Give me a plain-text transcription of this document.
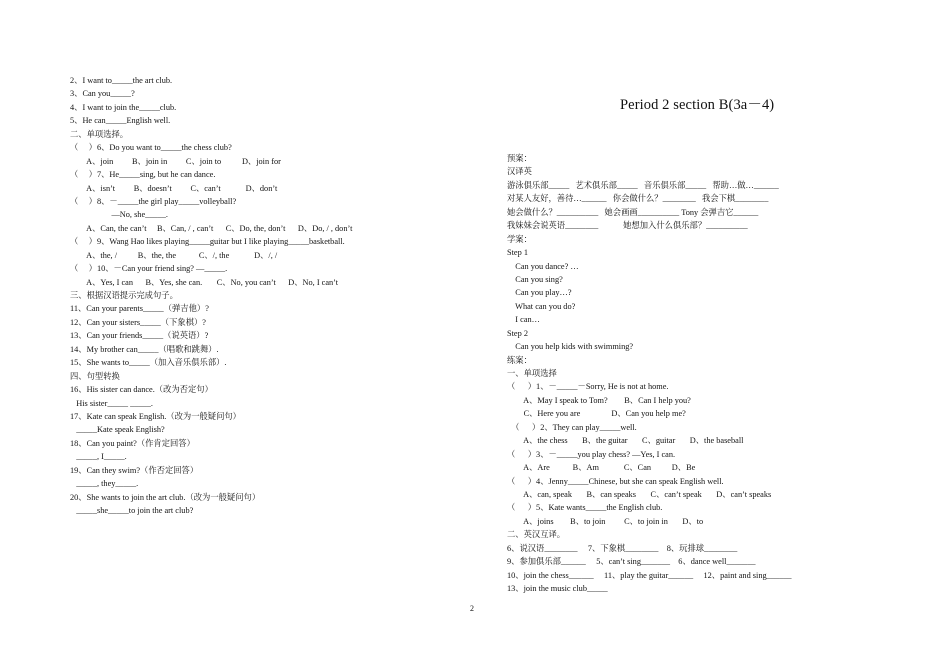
Period 2 section B(3a－4)
2、I want to_____the art club.
3、Can you_____?
4、I want to join the_____club.
5、He can_____English well.
二、单项选择。
（     ）6、Do you want to_____the chess club?
A、join         B、join in         C、join to          D、join for
（     ）7、He_____sing, but he can dance.
A、isn’t         B、doesn’t         C、can’t            D、don’t
（     ）8、－_____the girl play_____volleyball?
—No, she_____.
A、Can, the can’t     B、Can, / , can’t      C、Do, the, don’t      D、Do, / , don’t
（     ）9、Wang Hao likes playing_____guitar but I like playing_____basketball.
A、the, /          B、the, the           C、/, the            D、/, /
（     ）10、－Can your friend sing? —_____.
A、Yes, I can      B、Yes, she can.       C、No, you can’t      D、No, I can’t
三、根据汉语提示完成句子。
11、Can your parents_____（弹吉他）?
12、Can your sisters_____（下象棋）?
13、Can your friends_____（说英语）?
14、My brother can_____（唱歌和跳舞）.
15、She wants to_____（加入音乐俱乐部）.
四、句型转换
16、His sister can dance.（改为否定句）
His sister_____ _____.
17、Kate can speak English.（改为一般疑问句）
_____Kate speak English?
18、Can you paint?（作肯定回答）
_____, I_____.
19、Can they swim?（作否定回答）
_____, they_____.
20、She wants to join the art club.（改为一般疑问句）
_____she_____to join the art club?
预案：
汉译英
游泳俱乐部_____   艺术俱乐部_____   音乐俱乐部_____   帮助…做…______
对某人友好，善待…______   你会做什么？________   我会下棋________
她会做什么？__________   她会画画__________ Tony 会弹吉它______
我妹妹会说英语________            她想加入什么俱乐部？__________
学案：
Step 1
Can you dance? …
Can you sing?
Can you play…?
What can you do?
I can…
Step 2
Can you help kids with swimming?
练案：
一、单项选择
（      ）1、－_____－Sorry, He is not at home.
A、May I speak to Tom?        B、Can I help you?
C、Here you are               D、Can you help me?
（      ）2、They can play_____well.
A、the chess       B、the guitar       C、guitar       D、the baseball
（      ）3、－_____you play chess? —Yes, I can.
A、Are           B、Am            C、Can          D、Be
（      ）4、Jenny_____Chinese, but she can speak English well.
A、can, speak       B、can speaks       C、can’t speak       D、can’t speaks
（      ）5、Kate wants_____the English club.
A、joins        B、to join         C、to join in       D、to
二、英汉互译。
6、说汉语________     7、下象棋________    8、玩排球________
9、参加俱乐部______     5、can’t sing_______    6、dance well_______
10、join the chess______     11、play the guitar______     12、paint and sing______
13、join the music club_____
2
